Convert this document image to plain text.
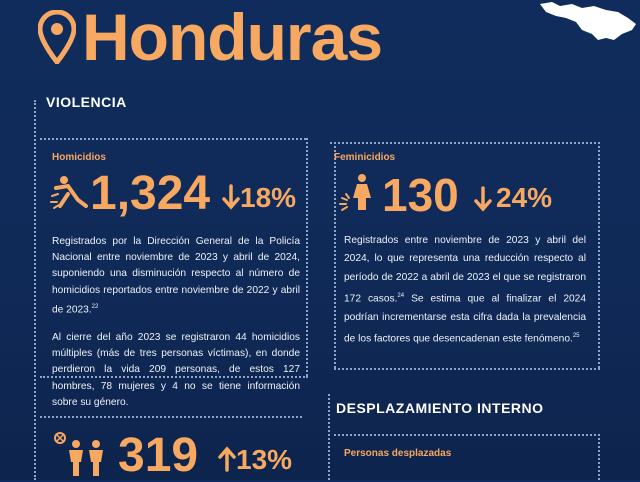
Honduras
VIOLENCIA
Homicidios
1,324 18%
Registrados por la Dirección General de la Policía Nacional entre noviembre de 2023 y abril de 2024, suponiendo una disminución respecto al número de homicidios reportados entre noviembre de 2022 y abril de 2023.22
Al cierre del año 2023 se registraron 44 homicidios múltiples (más de tres personas víctimas), en donde perdieron la vida 209 personas, de estos 127 hombres, 78 mujeres y 4 no se tiene información sobre su género.
319 13%
Feminicidios
130 24%
Registrados entre noviembre de 2023 y abril del 2024, lo que representa una reducción respecto al período de 2022 a abril de 2023 el que se registraron 172 casos.$^{24}$ Se estima que al finalizar el 2024 podrían incrementarse esta cifra dada la prevalencia de los factores que desencadenan este fenómeno.$^{25}$
DESPLAZAMIENTO INTERNO
Personas desplazadas
